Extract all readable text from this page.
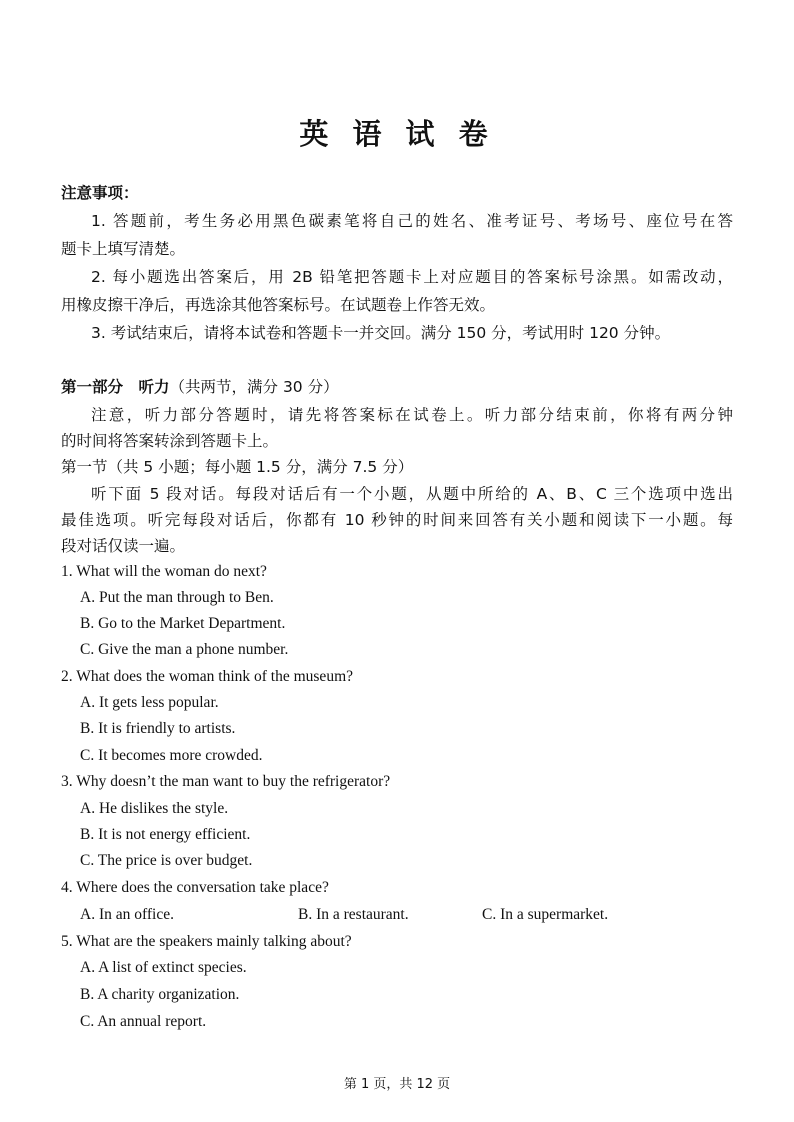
英 语 试 卷
注意事项：
1. 答题前，考生务必用黑色碳素笔将自己的姓名、准考证号、考场号、座位号在答
题卡上填写清楚。
2. 每小题选出答案后，用 2B 铅笔把答题卡上对应题目的答案标号涂黑。如需改动，
用橡皮擦干净后，再选涂其他答案标号。在试题卷上作答无效。
3. 考试结束后，请将本试卷和答题卡一并交回。满分 150 分，考试用时 120 分钟。
第一部分　听力（共两节，满分 30 分）
注意，听力部分答题时，请先将答案标在试卷上。听力部分结束前，你将有两分钟
的时间将答案转涂到答题卡上。
第一节（共 5 小题；每小题 1.5 分，满分 7.5 分）
听下面 5 段对话。每段对话后有一个小题，从题中所给的 A、B、C 三个选项中选出
最佳选项。听完每段对话后，你都有 10 秒钟的时间来回答有关小题和阅读下一小题。每
段对话仅读一遍。
1. What will the woman do next?
A. Put the man through to Ben.
B. Go to the Market Department.
C. Give the man a phone number.
2. What does the woman think of the museum?
A. It gets less popular.
B. It is friendly to artists.
C. It becomes more crowded.
3. Why doesn’t the man want to buy the refrigerator?
A. He dislikes the style.
B. It is not energy efficient.
C. The price is over budget.
4. Where does the conversation take place?
A. In an office.	B. In a restaurant.	C. In a supermarket.
5. What are the speakers mainly talking about?
A. A list of extinct species.
B. A charity organization.
C. An annual report.
第 1 页，共 12 页
